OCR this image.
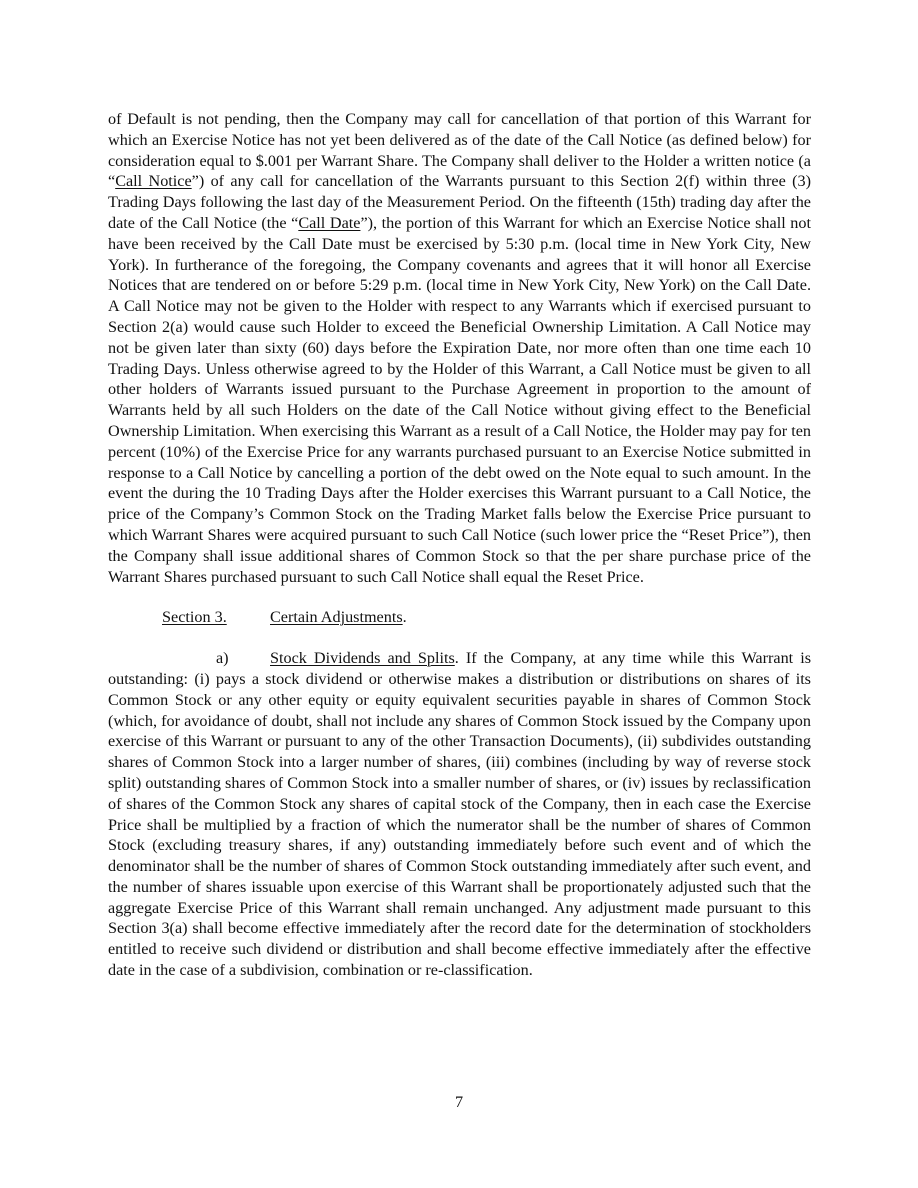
of Default is not pending, then the Company may call for cancellation of that portion of this Warrant for which an Exercise Notice has not yet been delivered as of the date of the Call Notice (as defined below) for consideration equal to $.001 per Warrant Share. The Company shall deliver to the Holder a written notice (a “Call Notice”) of any call for cancellation of the Warrants pursuant to this Section 2(f) within three (3) Trading Days following the last day of the Measurement Period. On the fifteenth (15th) trading day after the date of the Call Notice (the “Call Date”), the portion of this Warrant for which an Exercise Notice shall not have been received by the Call Date must be exercised by 5:30 p.m. (local time in New York City, New York). In furtherance of the foregoing, the Company covenants and agrees that it will honor all Exercise Notices that are tendered on or before 5:29 p.m. (local time in New York City, New York) on the Call Date. A Call Notice may not be given to the Holder with respect to any Warrants which if exercised pursuant to Section 2(a) would cause such Holder to exceed the Beneficial Ownership Limitation. A Call Notice may not be given later than sixty (60) days before the Expiration Date, nor more often than one time each 10 Trading Days. Unless otherwise agreed to by the Holder of this Warrant, a Call Notice must be given to all other holders of Warrants issued pursuant to the Purchase Agreement in proportion to the amount of Warrants held by all such Holders on the date of the Call Notice without giving effect to the Beneficial Ownership Limitation. When exercising this Warrant as a result of a Call Notice, the Holder may pay for ten percent (10%) of the Exercise Price for any warrants purchased pursuant to an Exercise Notice submitted in response to a Call Notice by cancelling a portion of the debt owed on the Note equal to such amount. In the event the during the 10 Trading Days after the Holder exercises this Warrant pursuant to a Call Notice, the price of the Company’s Common Stock on the Trading Market falls below the Exercise Price pursuant to which Warrant Shares were acquired pursuant to such Call Notice (such lower price the “Reset Price”), then the Company shall issue additional shares of Common Stock so that the per share purchase price of the Warrant Shares purchased pursuant to such Call Notice shall equal the Reset Price.

Section 3.	Certain Adjustments.

a)	Stock Dividends and Splits. If the Company, at any time while this Warrant is outstanding: (i) pays a stock dividend or otherwise makes a distribution or distributions on shares of its Common Stock or any other equity or equity equivalent securities payable in shares of Common Stock (which, for avoidance of doubt, shall not include any shares of Common Stock issued by the Company upon exercise of this Warrant or pursuant to any of the other Transaction Documents), (ii) subdivides outstanding shares of Common Stock into a larger number of shares, (iii) combines (including by way of reverse stock split) outstanding shares of Common Stock into a smaller number of shares, or (iv) issues by reclassification of shares of the Common Stock any shares of capital stock of the Company, then in each case the Exercise Price shall be multiplied by a fraction of which the numerator shall be the number of shares of Common Stock (excluding treasury shares, if any) outstanding immediately before such event and of which the denominator shall be the number of shares of Common Stock outstanding immediately after such event, and the number of shares issuable upon exercise of this Warrant shall be proportionately adjusted such that the aggregate Exercise Price of this Warrant shall remain unchanged. Any adjustment made pursuant to this Section 3(a) shall become effective immediately after the record date for the determination of stockholders entitled to receive such dividend or distribution and shall become effective immediately after the effective date in the case of a subdivision, combination or re-classification.

7
